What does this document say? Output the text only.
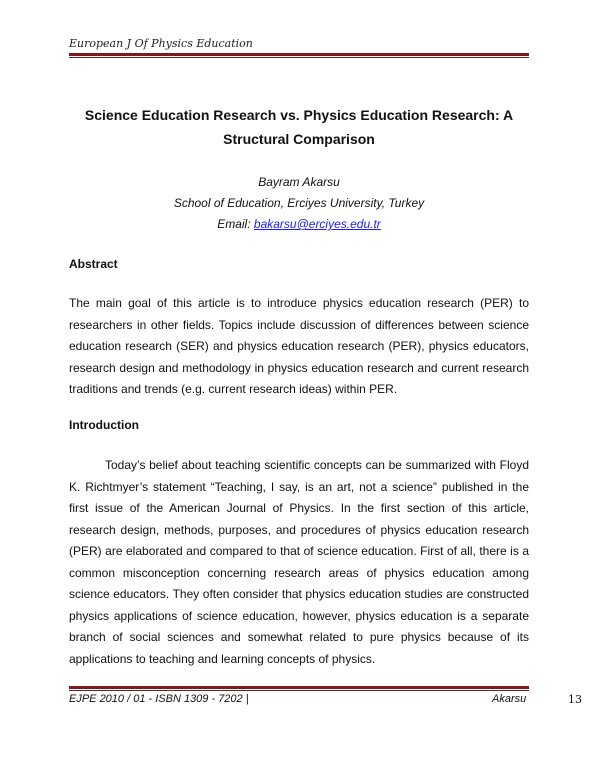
European J Of Physics Education
Science Education Research vs. Physics Education Research: A Structural Comparison
Bayram Akarsu
School of Education, Erciyes University, Turkey
Email: bakarsu@erciyes.edu.tr
Abstract
The main goal of this article is to introduce physics education research (PER) to researchers in other fields. Topics include discussion of differences between science education research (SER) and physics education research (PER), physics educators, research design and methodology in physics education research and current research traditions and trends (e.g. current research ideas) within PER.
Introduction
Today’s belief about teaching scientific concepts can be summarized with Floyd K. Richtmyer’s statement “Teaching, I say, is an art, not a science” published in the first issue of the American Journal of Physics. In the first section of this article, research design, methods, purposes, and procedures of physics education research (PER) are elaborated and compared to that of science education. First of all, there is a common misconception concerning research areas of physics education among science educators. They often consider that physics education studies are constructed physics applications of science education, however, physics education is a separate branch of social sciences and somewhat related to pure physics because of its applications to teaching and learning concepts of physics.
EJPE 2010 / 01 - ISBN 1309 - 7202 |	Akarsu	13
